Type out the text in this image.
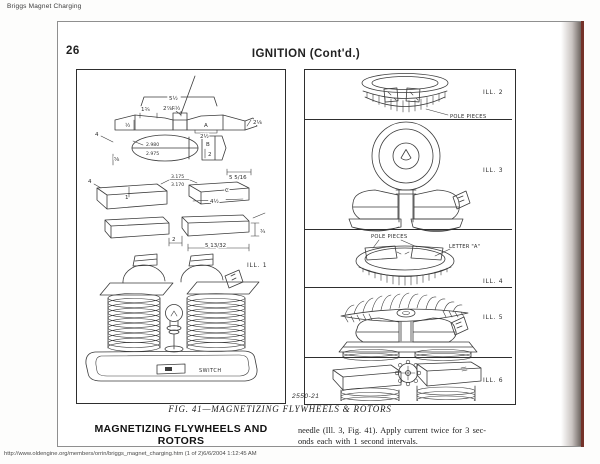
Briggs Magnet Charging
26	IGNITION (Cont'd.)
5½
1¾ 2⅞R
½
½
A	2⅛
2½
2.980
2.975
4
⅝
B
2
3.175
3.170
5 5/16
C
4½
1
4
2
5 13/32
¾
ILL. 1
SWITCH
POLE PIECES
ILL. 2
ILL. 3
POLE PIECES
LETTER "A"
ILL. 4
ILL. 5
ILL. 6
2550-21
FIG. 41—MAGNETIZING FLYWHEELS & ROTORS
MAGNETIZING FLYWHEELS AND
ROTORS
needle (Ill. 3, Fig. 41). Apply current twice for 3 sec-
onds each with 1 second intervals.
http://www.oldengine.org/members/orrin/briggs_magnet_charging.htm (1 of 2)6/6/2004 1:12:45 AM
